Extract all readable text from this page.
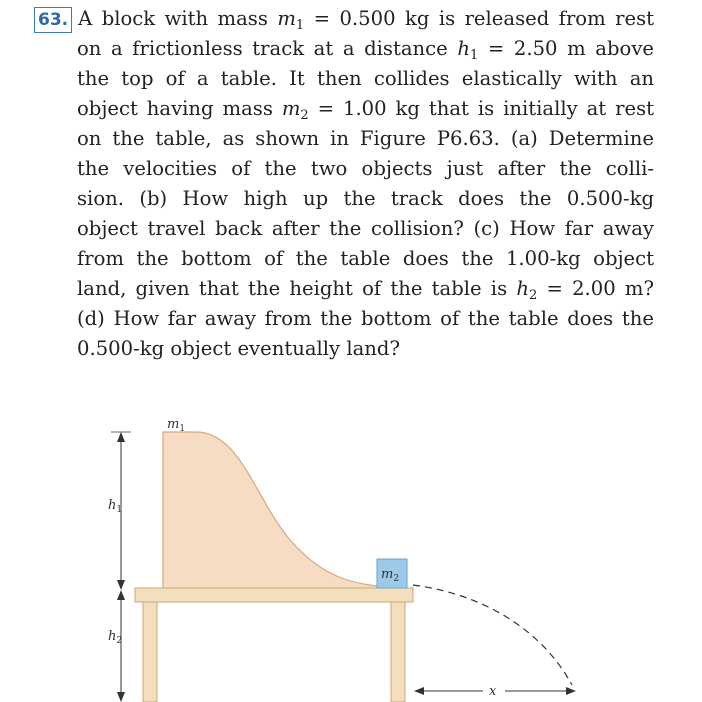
63. A block with mass $m_1 = 0.500$ kg is released from rest
on a frictionless track at a distance $h_1 = 2.50$ m above
the top of a table. It then collides elastically with an
object having mass $m_2 = 1.00$ kg that is initially at rest
on the table, as shown in Figure P6.63. (a) Determine
the velocities of the two objects just after the colli-
sion. (b) How high up the track does the 0.500-kg
object travel back after the collision? (c) How far away
from the bottom of the table does the 1.00-kg object
land, given that the height of the table is $h_2 = 2.00$ m?
(d) How far away from the bottom of the table does the
0.500-kg object eventually land?
$m_1$
$m_2$
$h_1$
$h_2$
x
